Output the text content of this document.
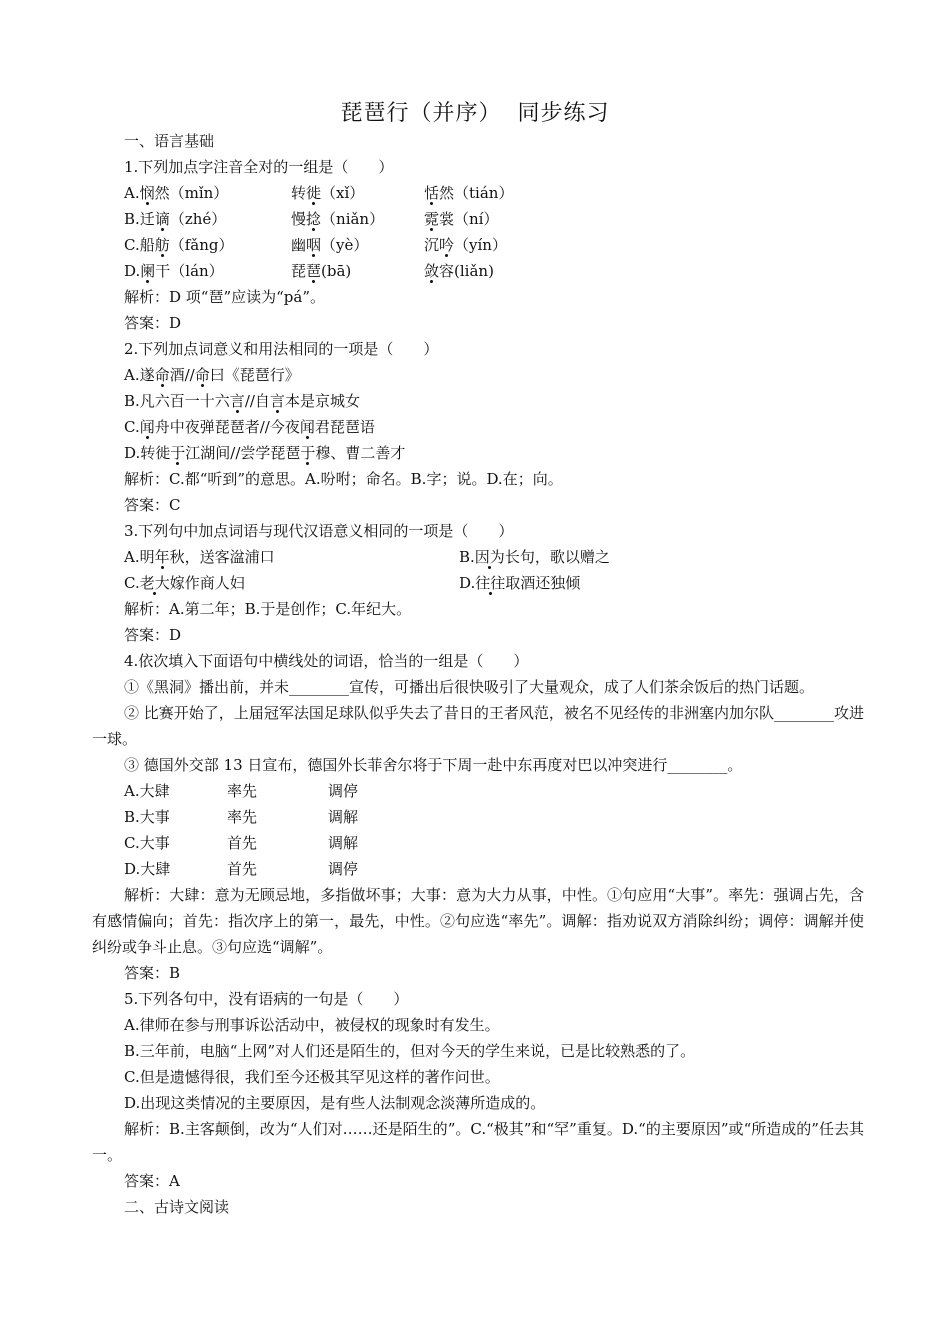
琵琶行（并序）  同步练习
一、语言基础
1.下列加点字注音全对的一组是（　　）
A.悯然（mǐn）	转徙（xǐ）	恬然（tián）
B.迁谪（zhé）	慢捻（niǎn）	霓裳（ní）
C.船舫（fǎng）	幽咽（yè）	沉吟（yín）
D.阑干（lán）	琵琶(bā)	敛容(liǎn)
解析：D 项“琶”应读为“pá”。
答案：D
2.下列加点词意义和用法相同的一项是（　　）
A.遂命酒//命曰《琵琶行》
B.凡六百一十六言//自言本是京城女
C.闻舟中夜弹琵琶者//今夜闻君琵琶语
D.转徙于江湖间//尝学琵琶于穆、曹二善才
解析：C.都“听到”的意思。A.吩咐；命名。B.字；说。D.在；向。
答案：C
3.下列句中加点词语与现代汉语意义相同的一项是（　　）
A.明年秋，送客湓浦口	B.因为长句，歌以赠之
C.老大嫁作商人妇	D.往往取酒还独倾
解析：A.第二年；B.于是创作；C.年纪大。
答案：D
4.依次填入下面语句中横线处的词语，恰当的一组是（　　）
①《黑洞》播出前，并未________宣传，可播出后很快吸引了大量观众，成了人们茶余饭后的热门话题。
② 比赛开始了，上届冠军法国足球队似乎失去了昔日的王者风范，被名不见经传的非洲塞内加尔队________攻进一球。
③ 德国外交部 13 日宣布，德国外长菲舍尔将于下周一赴中东再度对巴以冲突进行________。
A.大肆	率先	调停
B.大事	率先	调解
C.大事	首先	调解
D.大肆	首先	调停
解析：大肆：意为无顾忌地，多指做坏事；大事：意为大力从事，中性。①句应用“大事”。率先：强调占先，含有感情偏向；首先：指次序上的第一，最先，中性。②句应选“率先”。调解：指劝说双方消除纠纷；调停：调解并使纠纷或争斗止息。③句应选“调解”。
答案：B
5.下列各句中，没有语病的一句是（　　）
A.律师在参与刑事诉讼活动中，被侵权的现象时有发生。
B.三年前，电脑“上网”对人们还是陌生的，但对今天的学生来说，已是比较熟悉的了。
C.但是遗憾得很，我们至今还极其罕见这样的著作问世。
D.出现这类情况的主要原因，是有些人法制观念淡薄所造成的。
解析：B.主客颠倒，改为“人们对……还是陌生的”。C.“极其”和“罕”重复。D.“的主要原因”或“所造成的”任去其一。
答案：A
二、古诗文阅读
